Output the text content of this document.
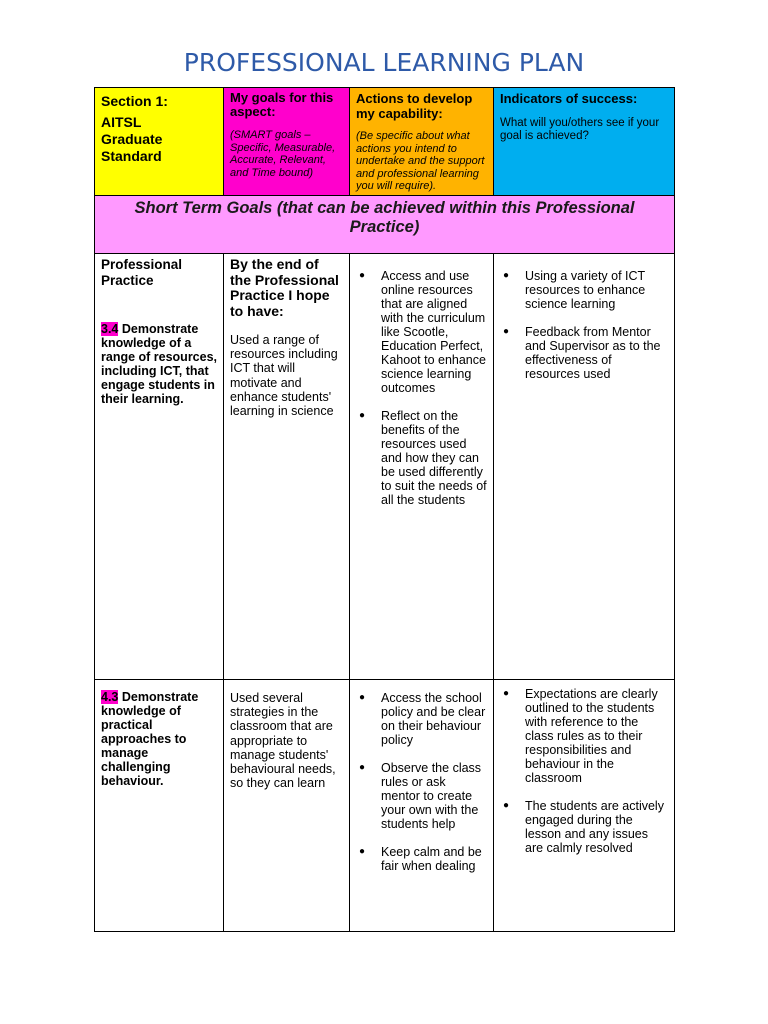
PROFESSIONAL LEARNING PLAN
Section 1:
AITSL Graduate Standard
My goals for this aspect:
(SMART goals – Specific, Measurable, Accurate, Relevant, and Time bound)
Actions to develop my capability:
(Be specific about what actions you intend to undertake and the support and professional learning you will require).
Indicators of success:
What will you/others see if your goal is achieved?
Short Term Goals (that can be achieved within this Professional Practice)
Professional Practice
3.4 Demonstrate knowledge of a range of resources, including ICT, that engage students in their learning.
By the end of the Professional Practice I hope to have:
Used a range of resources including ICT that will motivate and enhance students' learning in science
● Access and use online resources that are aligned with the curriculum like Scootle, Education Perfect, Kahoot to enhance science learning outcomes
● Reflect on the benefits of the resources used and how they can be used differently to suit the needs of all the students
● Using a variety of ICT resources to enhance science learning
● Feedback from Mentor and Supervisor as to the effectiveness of resources used
4.3 Demonstrate knowledge of practical approaches to manage challenging behaviour.
Used several strategies in the classroom that are appropriate to manage students' behavioural needs, so they can learn
● Access the school policy and be clear on their behaviour policy
● Observe the class rules or ask mentor to create your own with the students help
● Keep calm and be fair when dealing
● Expectations are clearly outlined to the students with reference to the class rules as to their responsibilities and behaviour in the classroom
● The students are actively engaged during the lesson and any issues are calmly resolved
